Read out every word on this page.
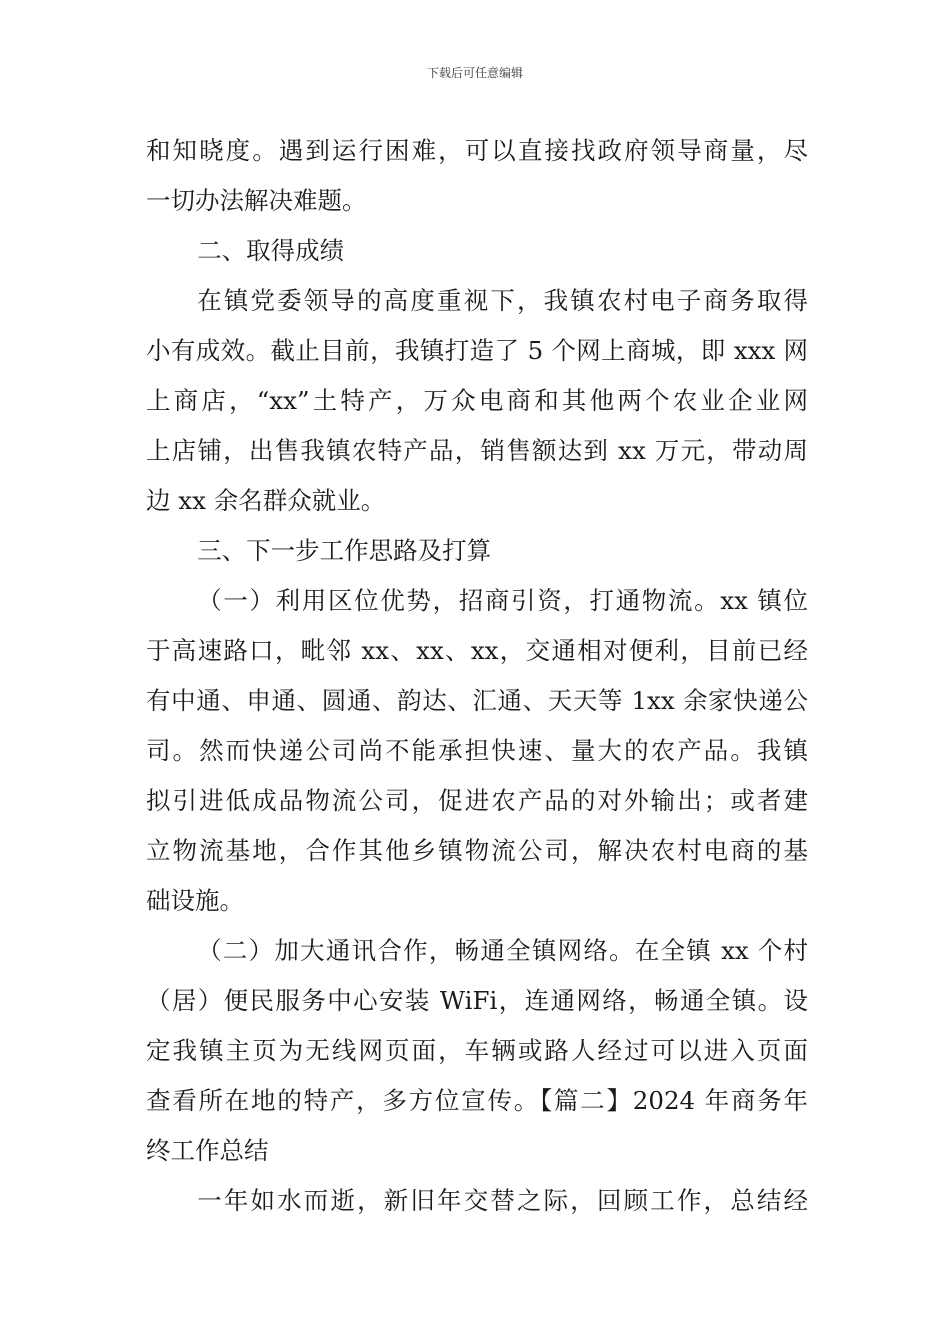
下载后可任意编辑
和知晓度。遇到运行困难，可以直接找政府领导商量，尽
一切办法解决难题。
二、取得成绩
在镇党委领导的高度重视下，我镇农村电子商务取得
小有成效。截止目前，我镇打造了 5 个网上商城，即 xxx 网
上商店，“xx”土特产，万众电商和其他两个农业企业网
上店铺，出售我镇农特产品，销售额达到 xx 万元，带动周
边 xx 余名群众就业。
三、下一步工作思路及打算
（一）利用区位优势，招商引资，打通物流。xx 镇位
于高速路口，毗邻 xx、xx、xx，交通相对便利，目前已经
有中通、申通、圆通、韵达、汇通、天天等 1xx 余家快递公
司。然而快递公司尚不能承担快速、量大的农产品。我镇
拟引进低成品物流公司，促进农产品的对外输出；或者建
立物流基地，合作其他乡镇物流公司，解决农村电商的基
础设施。
（二）加大通讯合作，畅通全镇网络。在全镇 xx 个村
（居）便民服务中心安装 WiFi，连通网络，畅通全镇。设
定我镇主页为无线网页面，车辆或路人经过可以进入页面
查看所在地的特产，多方位宣传。【篇二】2024 年商务年
终工作总结
一年如水而逝，新旧年交替之际，回顾工作，总结经
